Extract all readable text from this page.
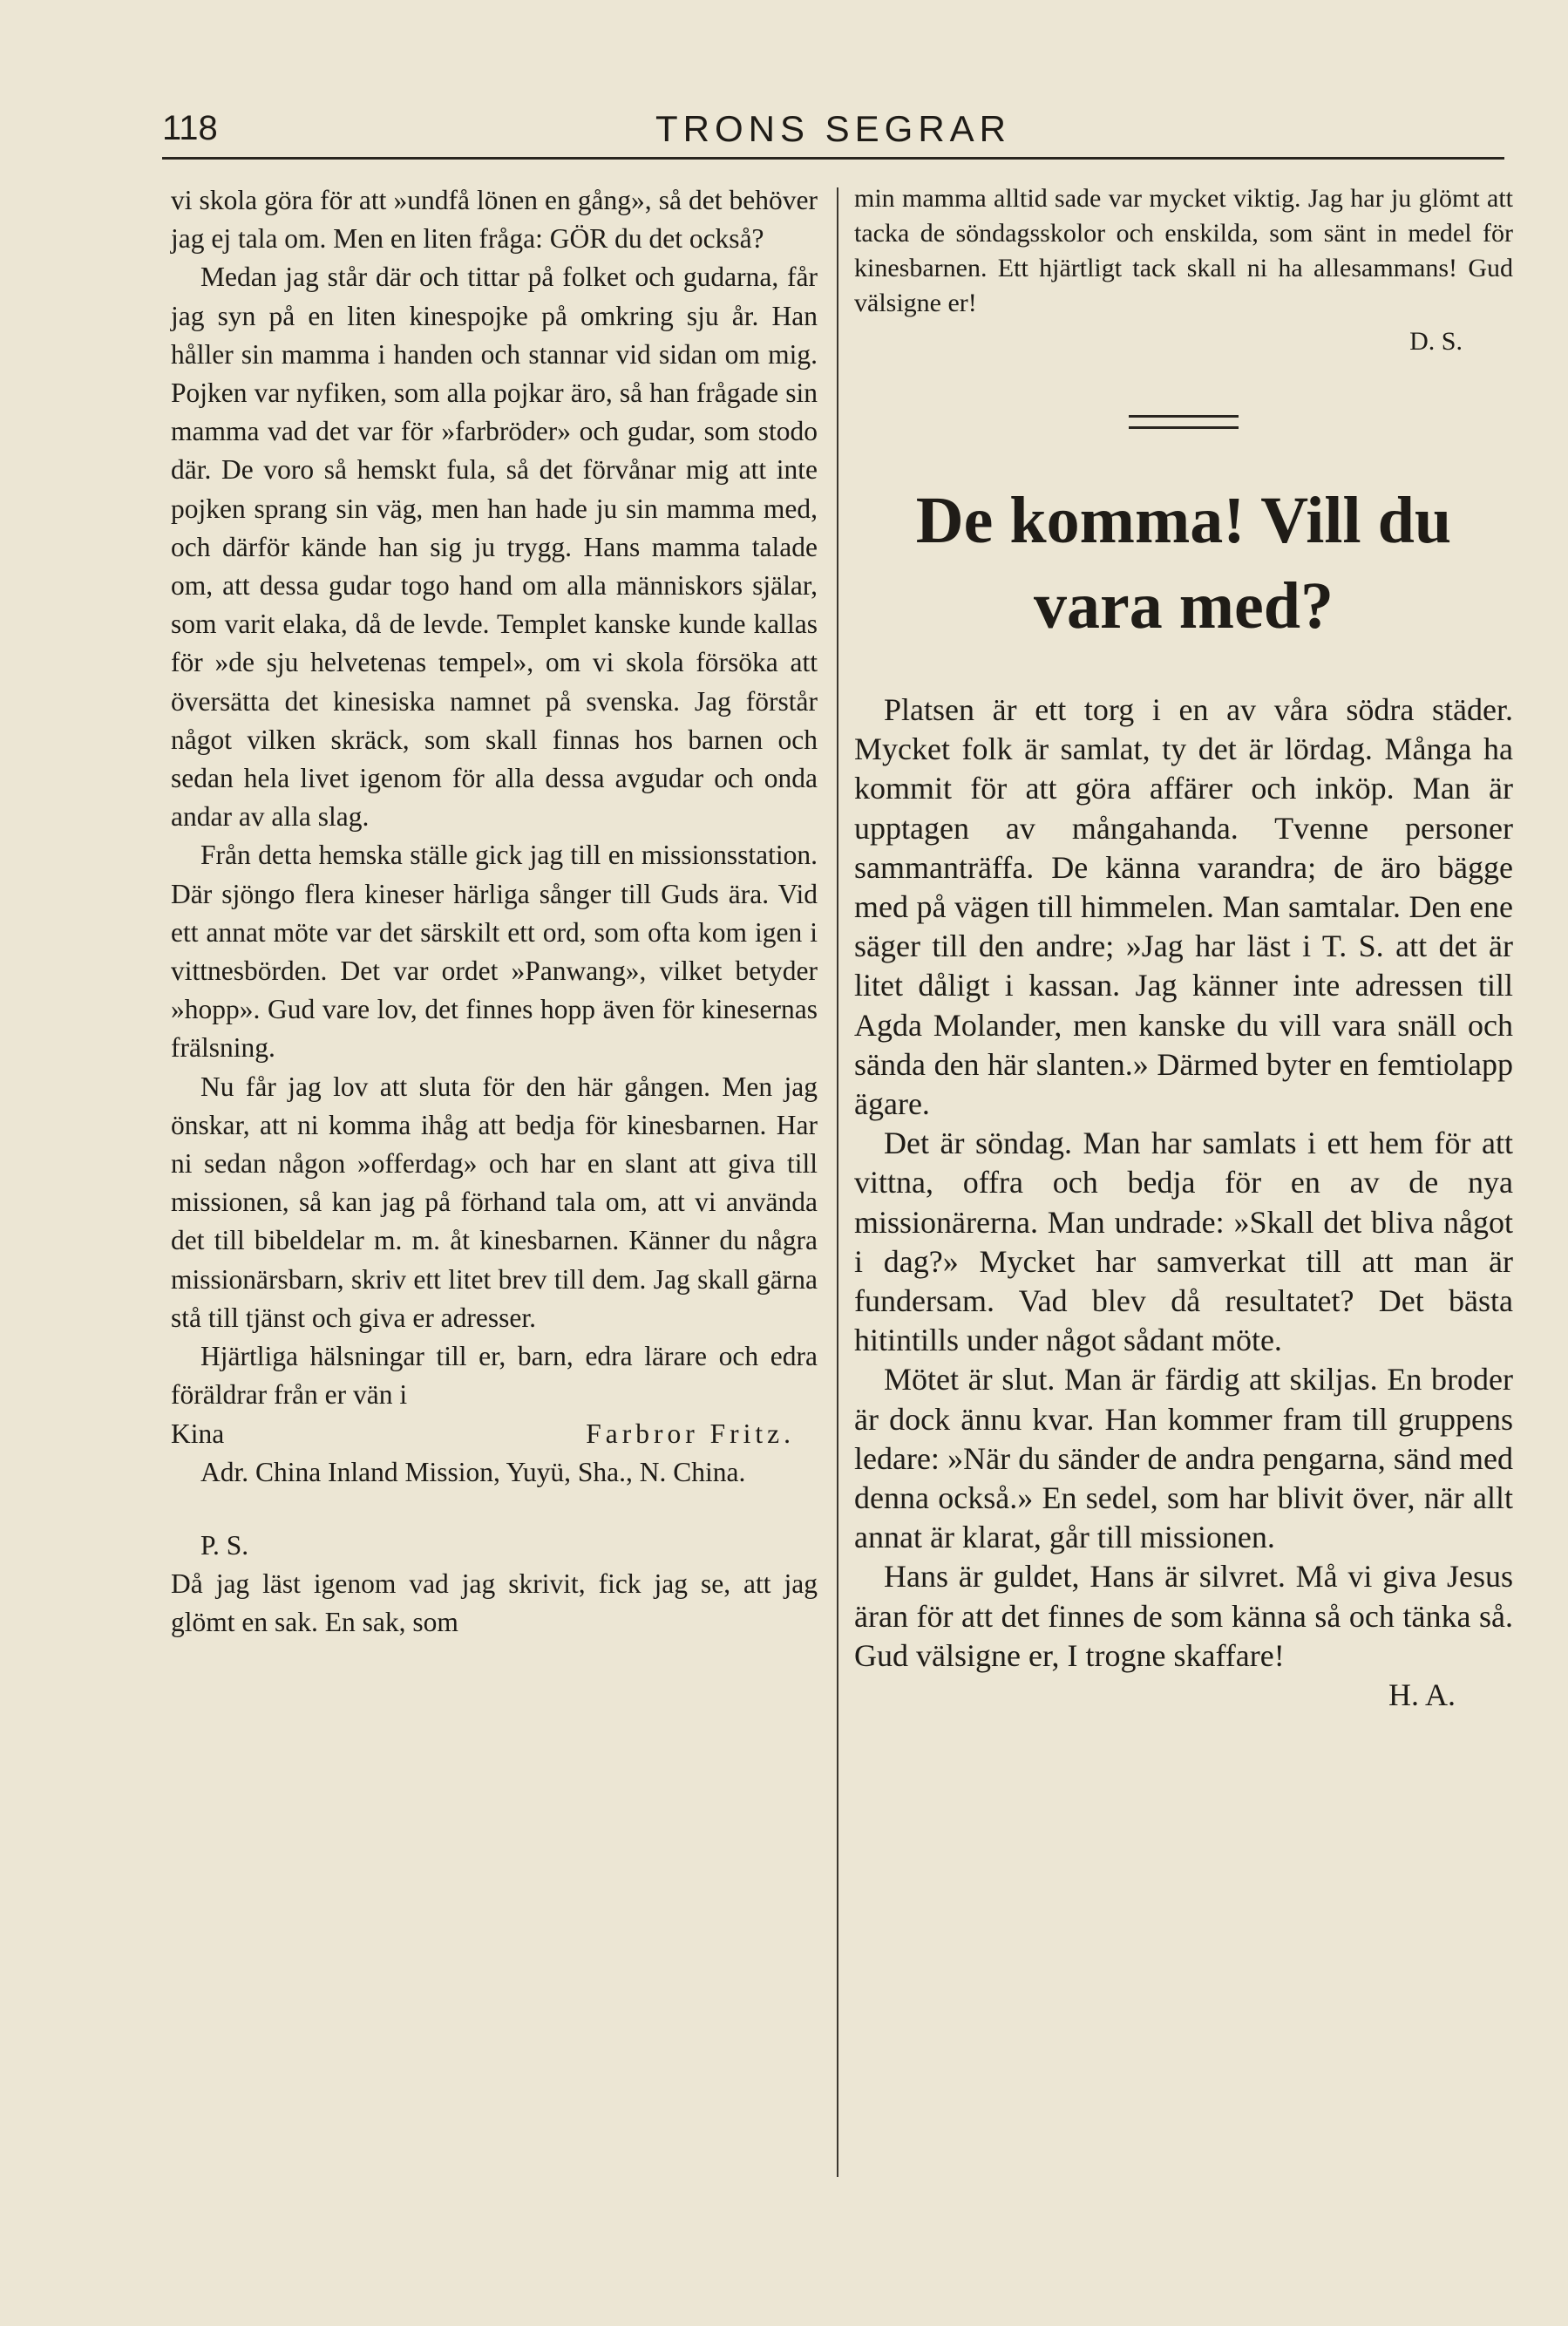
118	TRONS SEGRAR

vi skola göra för att »undfå lönen en gång», så det behöver jag ej tala om. Men en liten fråga: GÖR du det också?

Medan jag står där och tittar på folket och gudarna, får jag syn på en liten kinespojke på omkring sju år. Han håller sin mamma i handen och stannar vid sidan om mig. Pojken var nyfiken, som alla pojkar äro, så han frågade sin mamma vad det var för »farbröder» och gudar, som stodo där. De voro så hemskt fula, så det förvånar mig att inte pojken sprang sin väg, men han hade ju sin mamma med, och därför kände han sig ju trygg. Hans mamma talade om, att dessa gudar togo hand om alla människors själar, som varit elaka, då de levde. Templet kanske kunde kallas för »de sju helvetenas tempel», om vi skola försöka att översätta det kinesiska namnet på svenska. Jag förstår något vilken skräck, som skall finnas hos barnen och sedan hela livet igenom för alla dessa avgudar och onda andar av alla slag.

Från detta hemska ställe gick jag till en missionsstation. Där sjöngo flera kineser härliga sånger till Guds ära. Vid ett annat möte var det särskilt ett ord, som ofta kom igen i vittnesbörden. Det var ordet »Panwang», vilket betyder »hopp». Gud vare lov, det finnes hopp även för kinesernas frälsning.

Nu får jag lov att sluta för den här gången. Men jag önskar, att ni komma ihåg att bedja för kinesbarnen. Har ni sedan någon »offerdag» och har en slant att giva till missionen, så kan jag på förhand tala om, att vi använda det till bibeldelar m. m. åt kinesbarnen. Känner du några missionärsbarn, skriv ett litet brev till dem. Jag skall gärna stå till tjänst och giva er adresser.

Hjärtliga hälsningar till er, barn, edra lärare och edra föräldrar från er vän i

Kina	Farbror Fritz.

Adr. China Inland Mission, Yuyü, Sha., N. China.

P. S.

Då jag läst igenom vad jag skrivit, fick jag se, att jag glömt en sak. En sak, som

min mamma alltid sade var mycket viktig. Jag har ju glömt att tacka de söndagsskolor och enskilda, som sänt in medel för kinesbarnen. Ett hjärtligt tack skall ni ha allesammans! Gud välsigne er!

D. S.

De komma! Vill du vara med?

Platsen är ett torg i en av våra södra städer. Mycket folk är samlat, ty det är lördag. Många ha kommit för att göra affärer och inköp. Man är upptagen av mångahanda. Tvenne personer sammanträffa. De känna varandra; de äro bägge med på vägen till himmelen. Man samtalar. Den ene säger till den andre; »Jag har läst i T. S. att det är litet dåligt i kassan. Jag känner inte adressen till Agda Molander, men kanske du vill vara snäll och sända den här slanten.» Därmed byter en femtiolapp ägare.

Det är söndag. Man har samlats i ett hem för att vittna, offra och bedja för en av de nya missionärerna. Man undrade: »Skall det bliva något i dag?» Mycket har samverkat till att man är fundersam. Vad blev då resultatet? Det bästa hitintills under något sådant möte.

Mötet är slut. Man är färdig att skiljas. En broder är dock ännu kvar. Han kommer fram till gruppens ledare: »När du sänder de andra pengarna, sänd med denna också.» En sedel, som har blivit över, när allt annat är klarat, går till missionen.

Hans är guldet, Hans är silvret. Må vi giva Jesus äran för att det finnes de som känna så och tänka så. Gud välsigne er, I trogne skaffare!

H. A.
